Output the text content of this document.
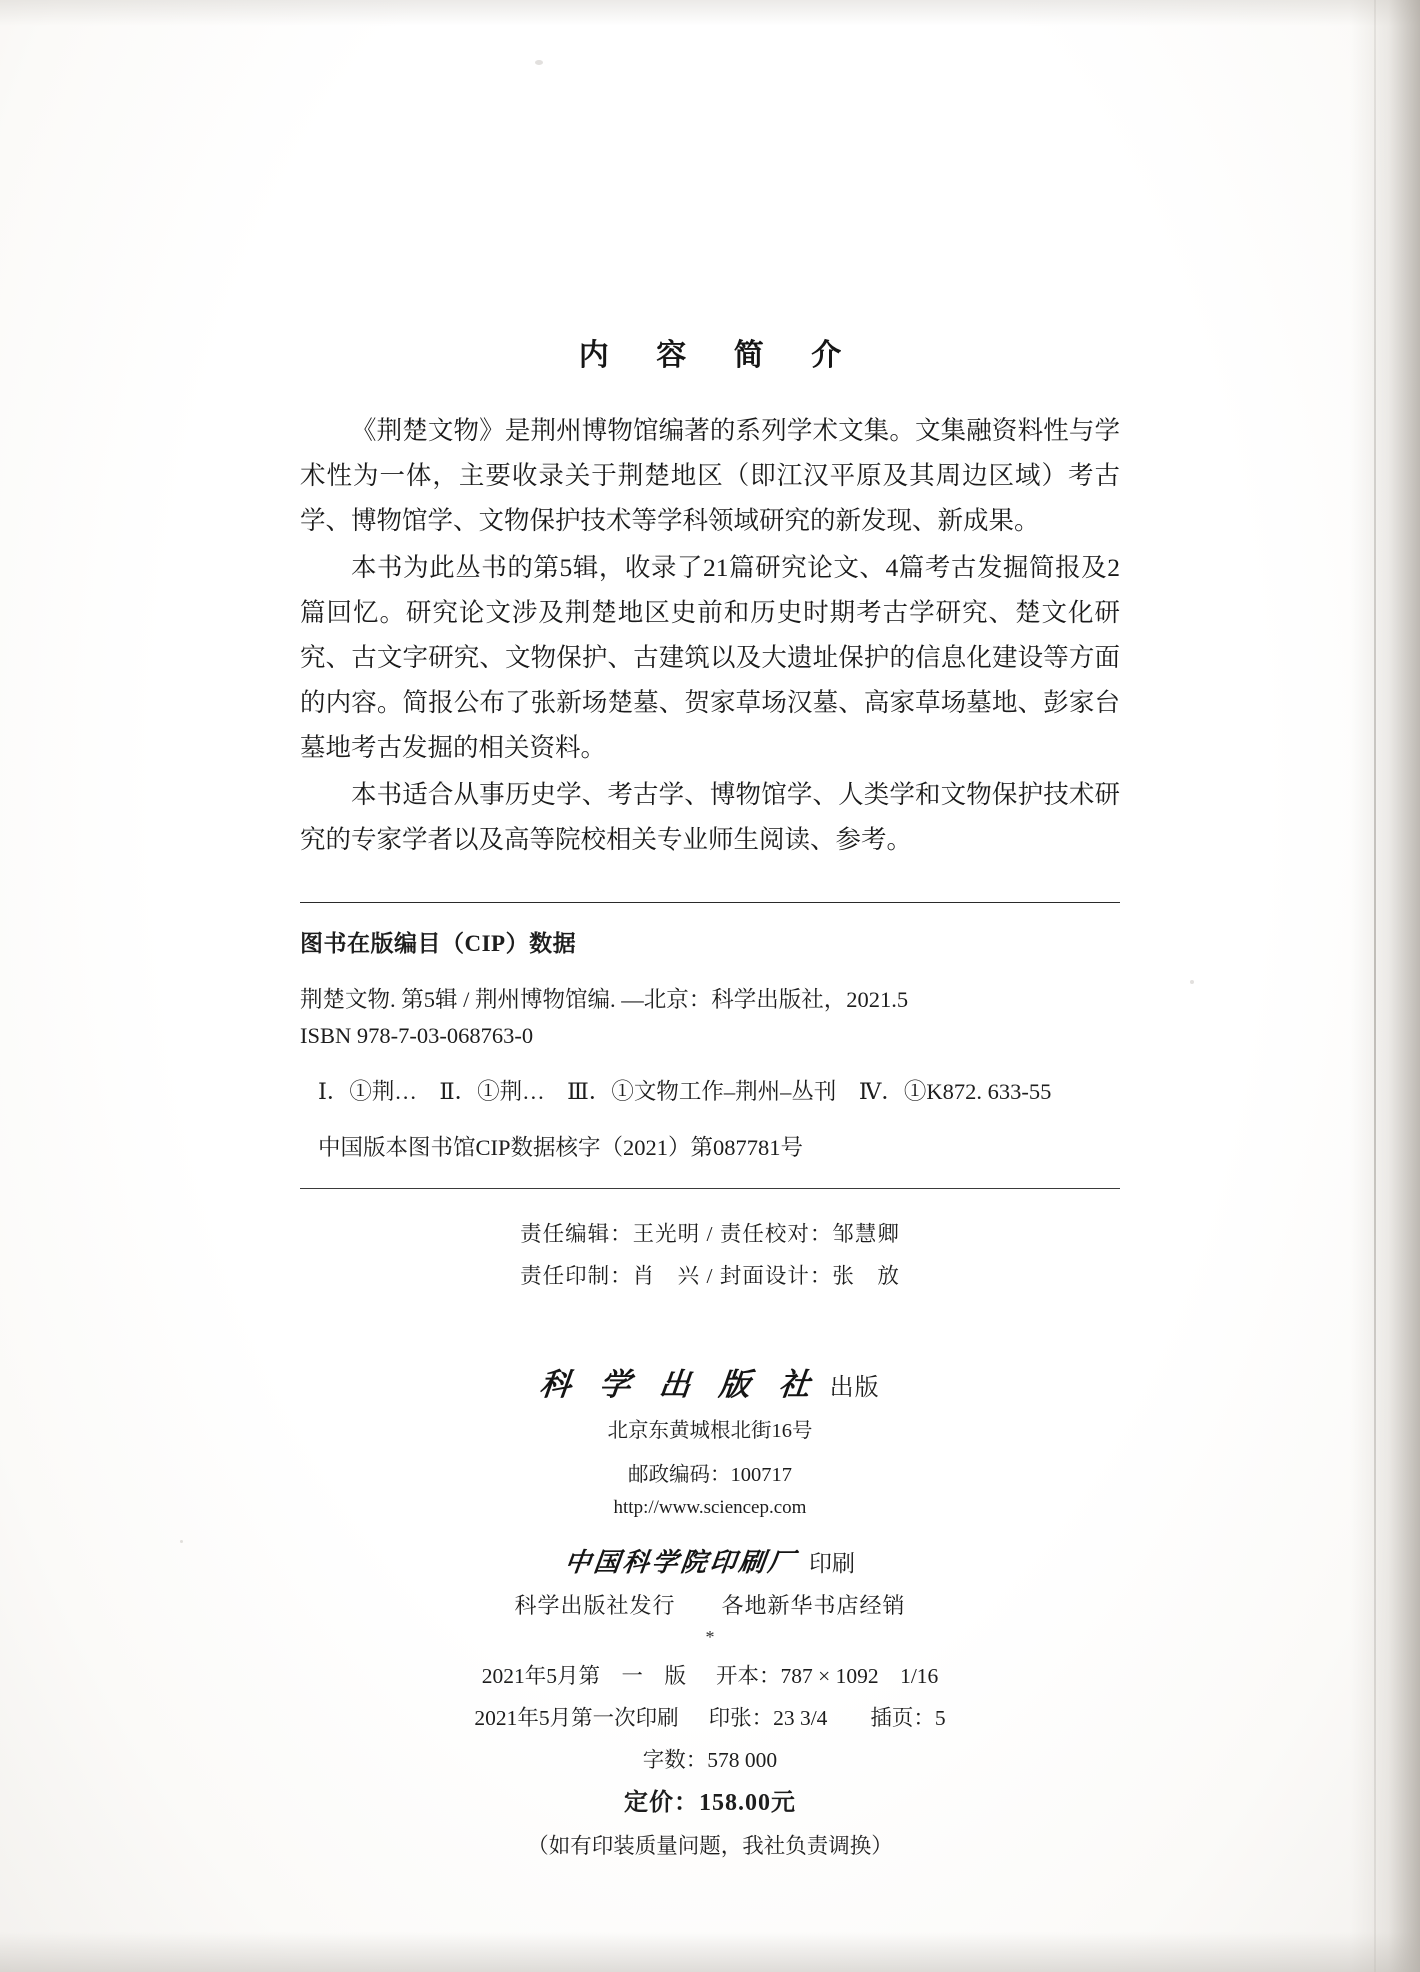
内 容 简 介

《荆楚文物》是荆州博物馆编著的系列学术文集。文集融资料性与学术性为一体，主要收录关于荆楚地区（即江汉平原及其周边区域）考古学、博物馆学、文物保护技术等学科领域研究的新发现、新成果。

本书为此丛书的第5辑，收录了21篇研究论文、4篇考古发掘简报及2篇回忆。研究论文涉及荆楚地区史前和历史时期考古学研究、楚文化研究、古文字研究、文物保护、古建筑以及大遗址保护的信息化建设等方面的内容。简报公布了张新场楚墓、贺家草场汉墓、高家草场墓地、彭家台墓地考古发掘的相关资料。

本书适合从事历史学、考古学、博物馆学、人类学和文物保护技术研究的专家学者以及高等院校相关专业师生阅读、参考。

图书在版编目（CIP）数据

荆楚文物. 第5辑 / 荆州博物馆编. —北京：科学出版社，2021.5

ISBN 978-7-03-068763-0

Ⅰ．①荆…　Ⅱ．①荆…　Ⅲ．①文物工作–荆州–丛刊　Ⅳ．①K872. 633-55

中国版本图书馆CIP数据核字（2021）第087781号

责任编辑：王光明 / 责任校对：邹慧卿
责任印制：肖　兴 / 封面设计：张　放
科 学 出 版 社 出版
北京东黄城根北街16号
邮政编码：100717
http://www.sciencep.com
中国科学院印刷厂 印刷
科学出版社发行　　各地新华书店经销
*
2021年5月第　一　版 开本：787 × 1092　1/16
2021年5月第一次印刷 印张：23 3/4　　插页：5
字数：578 000
定价：158.00元
（如有印装质量问题，我社负责调换）
